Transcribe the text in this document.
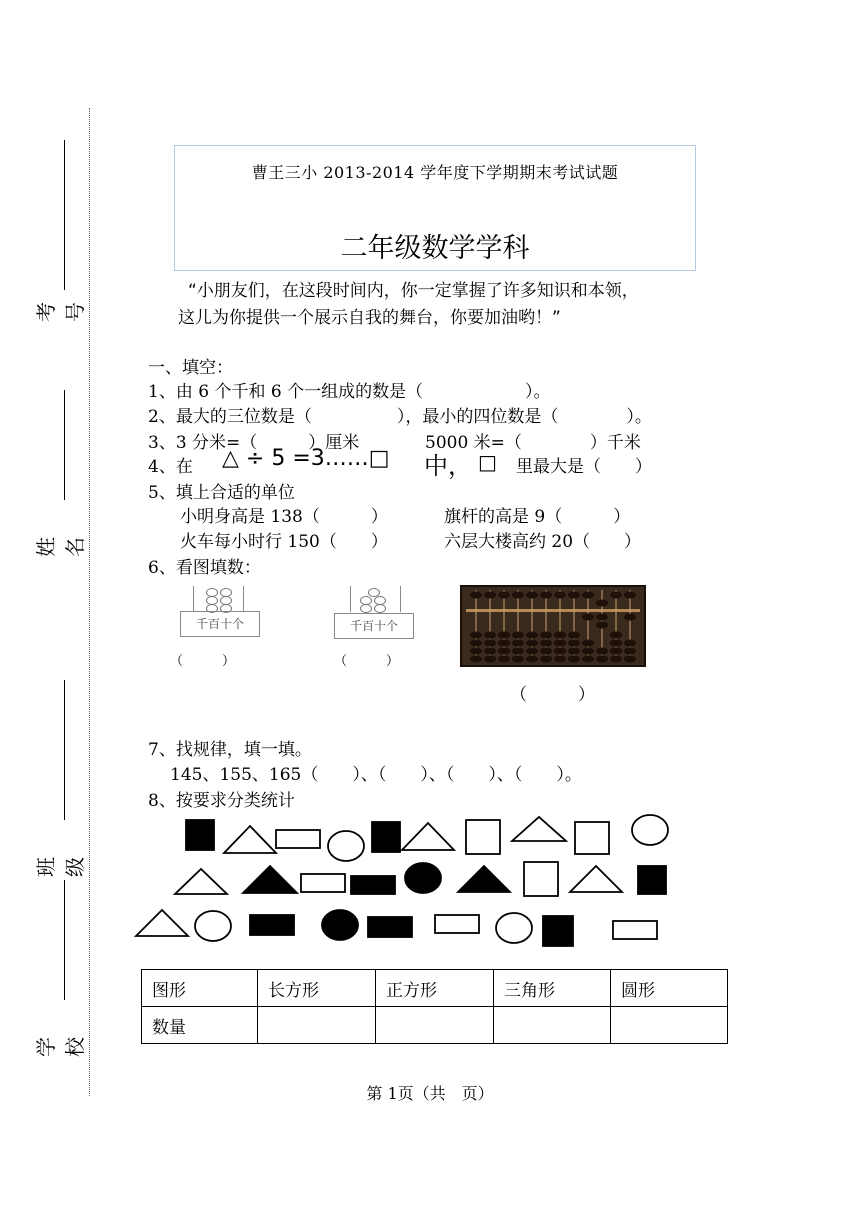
考号
姓名
班级
学校
曹王三小 2013-2014 学年度下学期期末考试试题
二年级数学学科
“小朋友们，在这段时间内，你一定掌握了许多知识和本领，
这儿为你提供一个展示自我的舞台，你要加油哟！”
一、填空：
1、由 6 个千和 6 个一组成的数是（　　　　　　）。
2、最大的三位数是（　　　　　），最小的四位数是（　　　　）。
3、3 分米=（　　　）厘米	5000 米=（　　　　）千米
4、在 △ ÷ 5 =3……□ 中， □ 里最大是（　　）
5、填上合适的单位
小明身高是 138（　　　）	旗杆的高是 9（　　　）
火车每小时行 150（　　）	六层大楼高约 20（　　）
6、看图填数：
千百十个
（　　　）
千百十个
（　　　）
（　　　）
7、找规律，填一填。
145、155、165（　　）、（　　）、（　　）、（　　）。
8、按要求分类统计
图形	长方形	正方形	三角形	圆形
数量				
第 1页（共　页）
